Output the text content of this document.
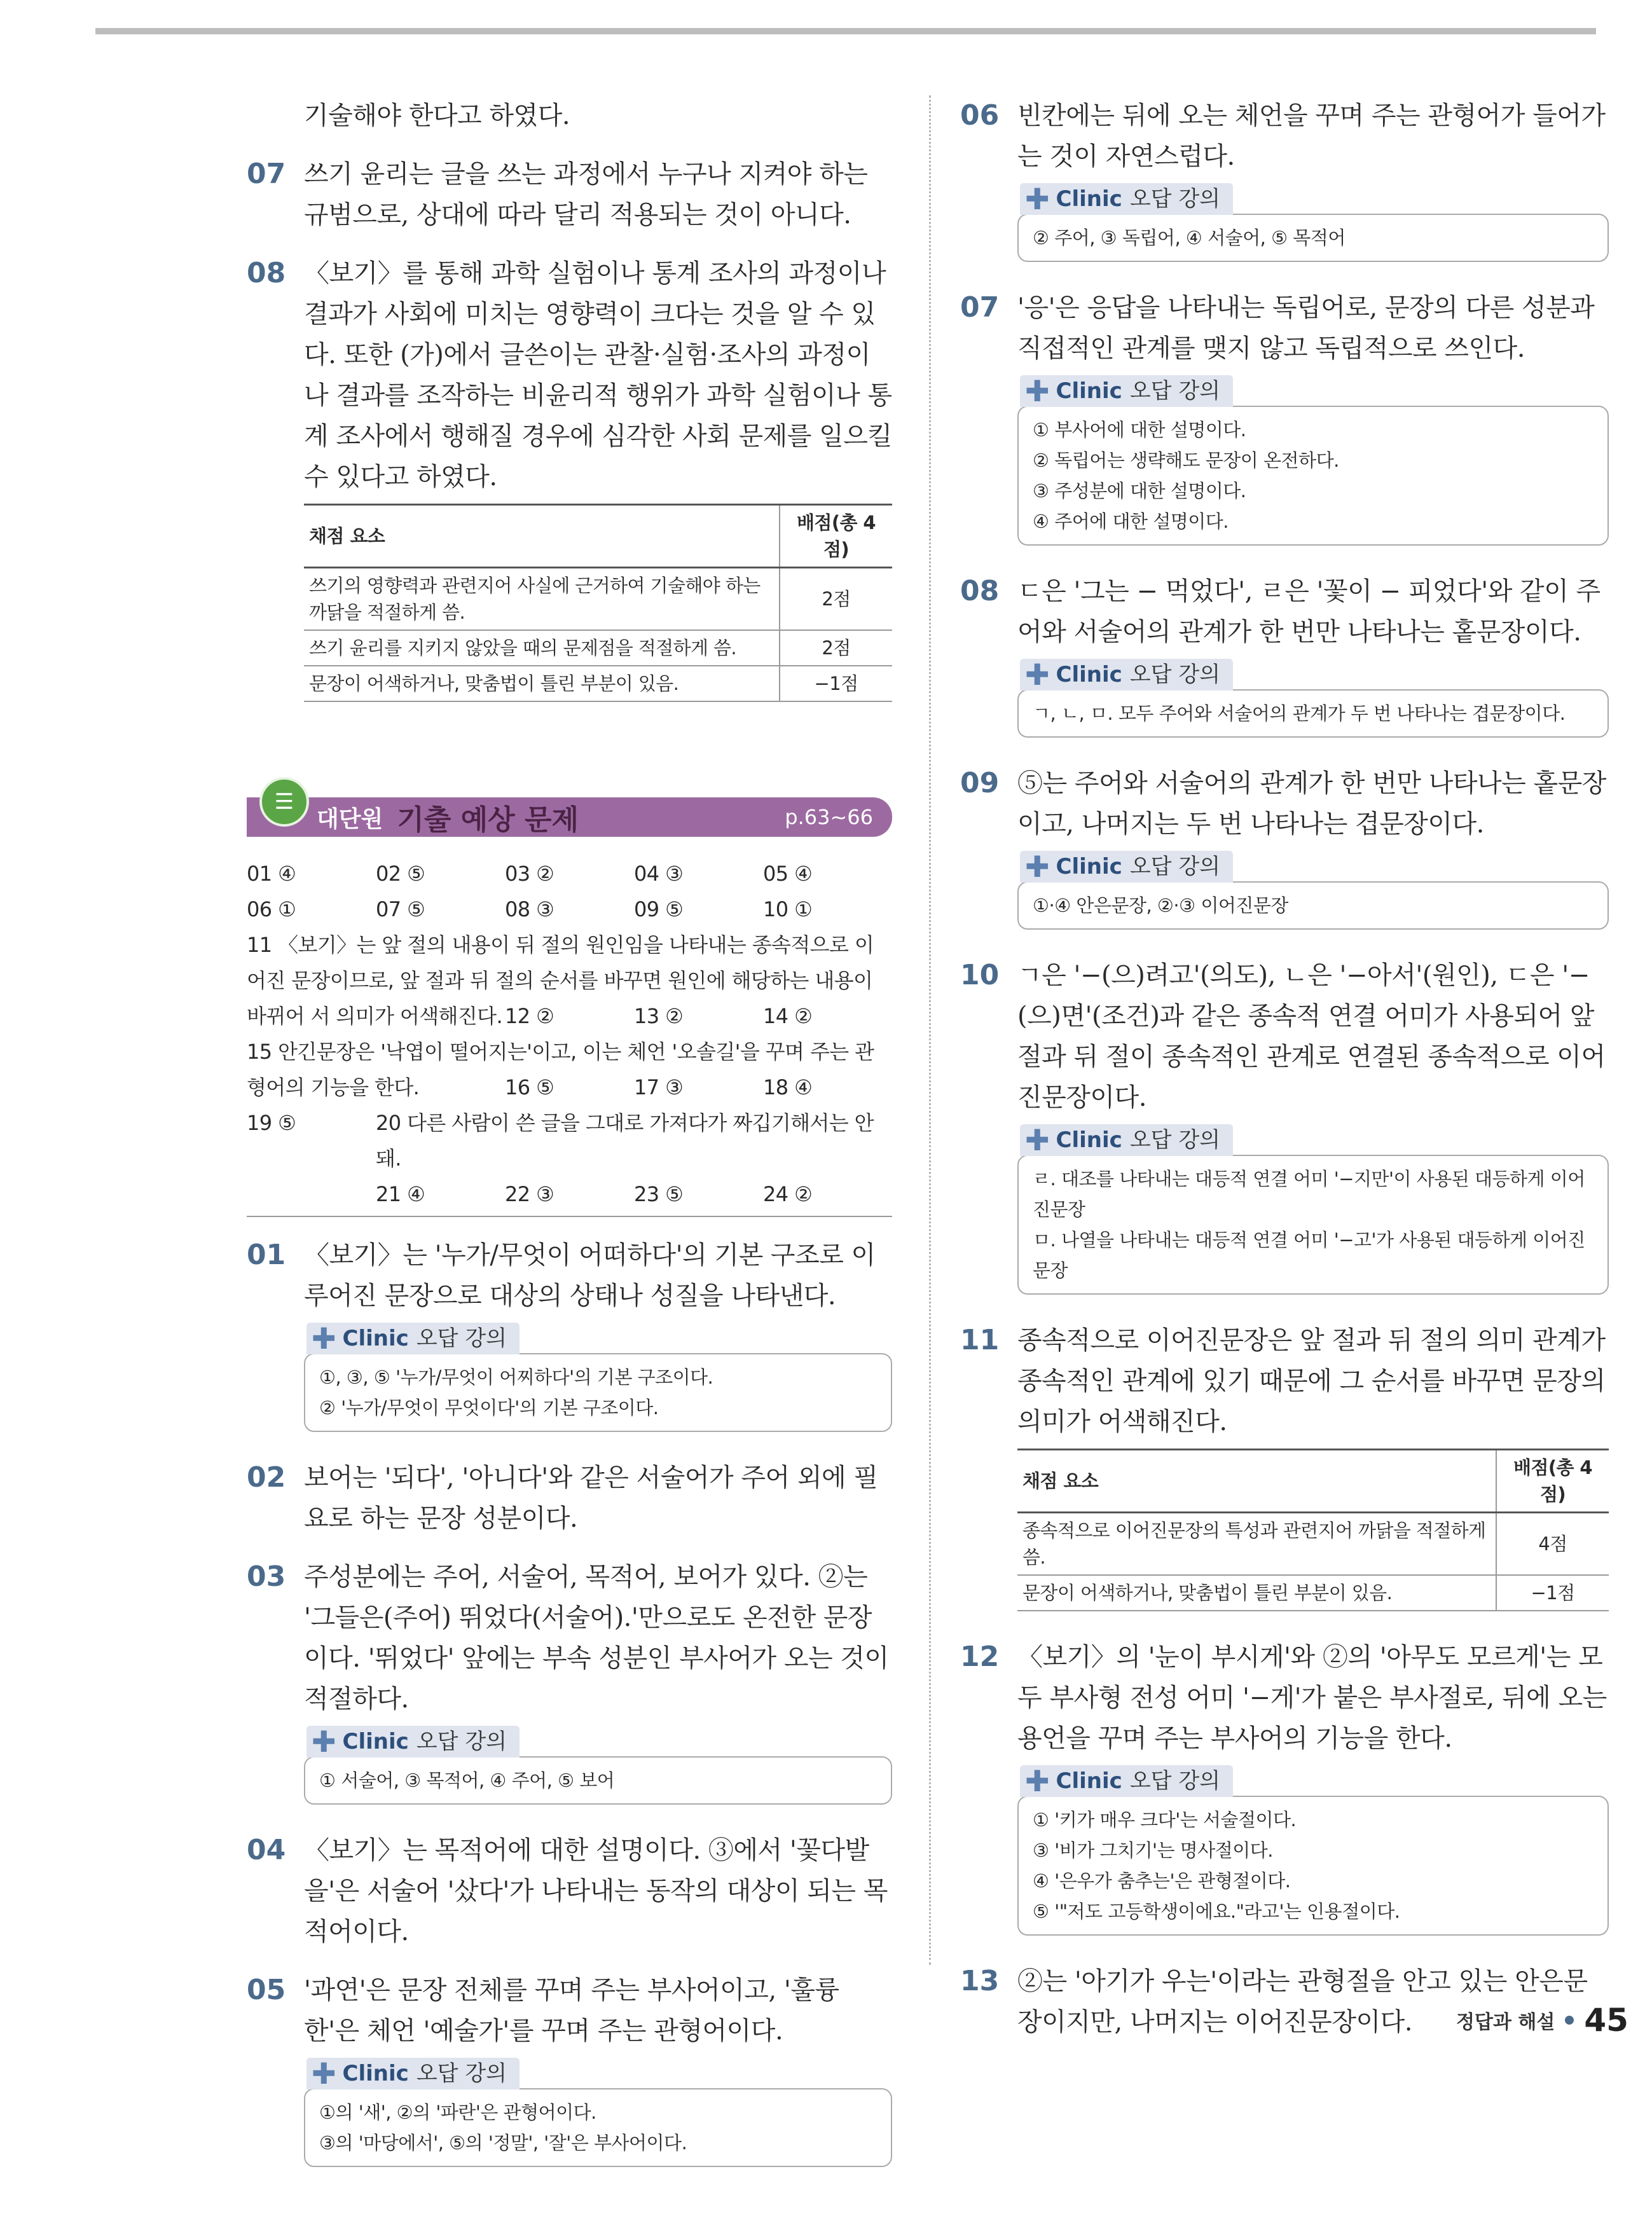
기술해야 한다고 하였다.
07 쓰기 윤리는 글을 쓰는 과정에서 누구나 지켜야 하는 규범으로, 상대에 따라 달리 적용되는 것이 아니다.
08 〈보기〉를 통해 과학 실험이나 통계 조사의 과정이나 결과가 사회에 미치는 영향력이 크다는 것을 알 수 있다. 또한 (가)에서 글쓴이는 관찰·실험·조사의 과정이나 결과를 조작하는 비윤리적 행위가 과학 실험이나 통계 조사에서 행해질 경우에 심각한 사회 문제를 일으킬 수 있다고 하였다.
채점 요소	배점(총 4점)
쓰기의 영향력과 관련지어 사실에 근거하여 기술해야 하는 까닭을 적절하게 씀.	2점
쓰기 윤리를 지키지 않았을 때의 문제점을 적절하게 씀.	2점
문장이 어색하거나, 맞춤법이 틀린 부분이 있음.	−1점
☰
대단원 기출 예상 문제	p.63~66
01 ④	02 ⑤	03 ②	04 ③	05 ④
06 ①	07 ⑤	08 ③	09 ⑤	10 ①
11 〈보기〉는 앞 절의 내용이 뒤 절의 원인임을 나타내는 종속적으로 이어진 문장이므로, 앞 절과 뒤 절의 순서를 바꾸면 원인에 해당하는 내용이 바뀌어 서 의미가 어색해진다. 12 ②	13 ②	14 ②
15 안긴문장은 '낙엽이 떨어지는'이고, 이는 체언 '오솔길'을 꾸며 주는 관형어의 기능을 한다.	16 ⑤	17 ③	18 ④
19 ⑤	20 다른 사람이 쓴 글을 그대로 가져다가 짜깁기해서는 안 돼.
21 ④	22 ③	23 ⑤	24 ②
01 〈보기〉는 '누가/무엇이 어떠하다'의 기본 구조로 이루어진 문장으로 대상의 상태나 성질을 나타낸다.
✚ Clinic 오답 강의
①, ③, ⑤ '누가/무엇이 어찌하다'의 기본 구조이다.
② '누가/무엇이 무엇이다'의 기본 구조이다.
02 보어는 '되다', '아니다'와 같은 서술어가 주어 외에 필요로 하는 문장 성분이다.
03 주성분에는 주어, 서술어, 목적어, 보어가 있다. ②는 '그들은(주어) 뛰었다(서술어).'만으로도 온전한 문장이다. '뛰었다' 앞에는 부속 성분인 부사어가 오는 것이 적절하다.
✚ Clinic 오답 강의
① 서술어, ③ 목적어, ④ 주어, ⑤ 보어
04 〈보기〉는 목적어에 대한 설명이다. ③에서 '꽃다발을'은 서술어 '샀다'가 나타내는 동작의 대상이 되는 목적어이다.
05 '과연'은 문장 전체를 꾸며 주는 부사어이고, '훌륭한'은 체언 '예술가'를 꾸며 주는 관형어이다.
✚ Clinic 오답 강의
①의 '새', ②의 '파란'은 관형어이다.
③의 '마당에서', ⑤의 '정말', '잘'은 부사어이다.
06 빈칸에는 뒤에 오는 체언을 꾸며 주는 관형어가 들어가는 것이 자연스럽다.
✚ Clinic 오답 강의
② 주어, ③ 독립어, ④ 서술어, ⑤ 목적어
07 '응'은 응답을 나타내는 독립어로, 문장의 다른 성분과 직접적인 관계를 맺지 않고 독립적으로 쓰인다.
✚ Clinic 오답 강의
① 부사어에 대한 설명이다.
② 독립어는 생략해도 문장이 온전하다.
③ 주성분에 대한 설명이다.
④ 주어에 대한 설명이다.
08 ㄷ은 '그는 − 먹었다', ㄹ은 '꽃이 − 피었다'와 같이 주어와 서술어의 관계가 한 번만 나타나는 홑문장이다.
✚ Clinic 오답 강의
ㄱ, ㄴ, ㅁ. 모두 주어와 서술어의 관계가 두 번 나타나는 겹문장이다.
09 ⑤는 주어와 서술어의 관계가 한 번만 나타나는 홑문장이고, 나머지는 두 번 나타나는 겹문장이다.
✚ Clinic 오답 강의
①·④ 안은문장, ②·③ 이어진문장
10 ㄱ은 '−(으)려고'(의도), ㄴ은 '−아서'(원인), ㄷ은 '−(으)면'(조건)과 같은 종속적 연결 어미가 사용되어 앞 절과 뒤 절이 종속적인 관계로 연결된 종속적으로 이어진문장이다.
✚ Clinic 오답 강의
ㄹ. 대조를 나타내는 대등적 연결 어미 '−지만'이 사용된 대등하게 이어진문장
ㅁ. 나열을 나타내는 대등적 연결 어미 '−고'가 사용된 대등하게 이어진문장
11 종속적으로 이어진문장은 앞 절과 뒤 절의 의미 관계가 종속적인 관계에 있기 때문에 그 순서를 바꾸면 문장의 의미가 어색해진다.
채점 요소	배점(총 4점)
종속적으로 이어진문장의 특성과 관련지어 까닭을 적절하게 씀.	4점
문장이 어색하거나, 맞춤법이 틀린 부분이 있음.	−1점
12 〈보기〉의 '눈이 부시게'와 ②의 '아무도 모르게'는 모두 부사형 전성 어미 '−게'가 붙은 부사절로, 뒤에 오는 용언을 꾸며 주는 부사어의 기능을 한다.
✚ Clinic 오답 강의
① '키가 매우 크다'는 서술절이다.
③ '비가 그치기'는 명사절이다.
④ '은우가 춤추는'은 관형절이다.
⑤ '"저도 고등학생이에요."라고'는 인용절이다.
13 ②는 '아기가 우는'이라는 관형절을 안고 있는 안은문장이지만, 나머지는 이어진문장이다.	정답과 해설 45
